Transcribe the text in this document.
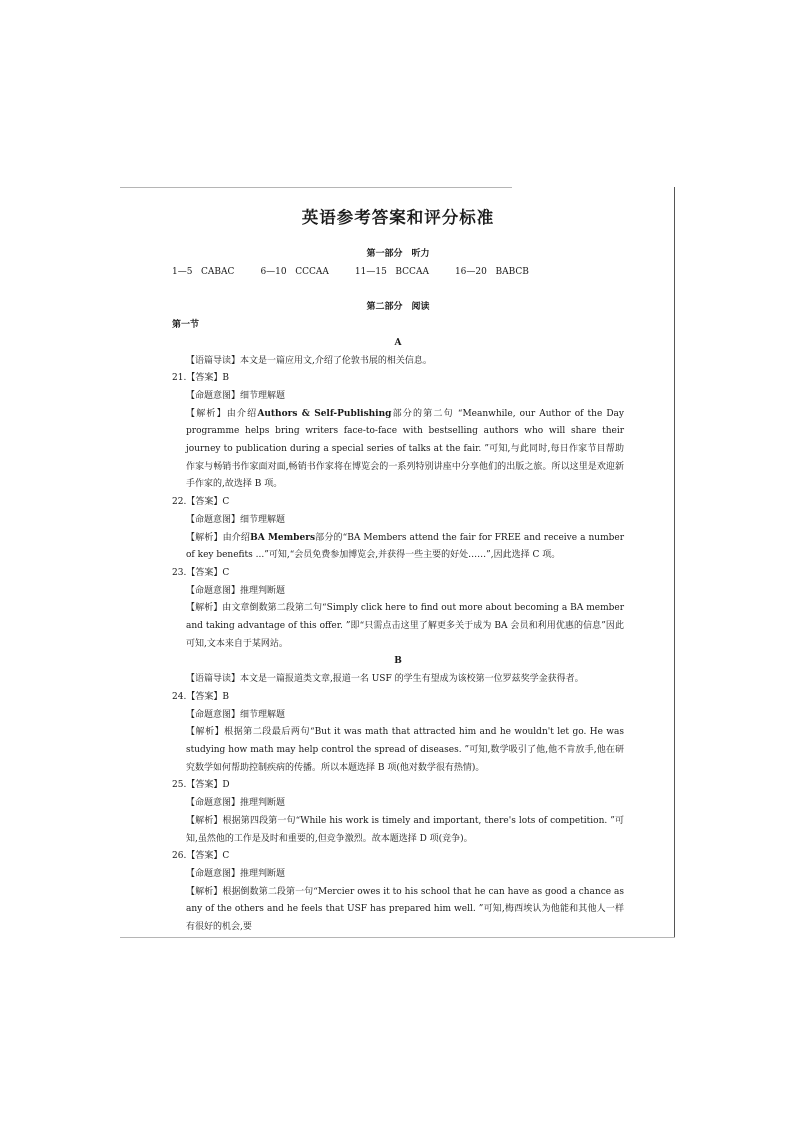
英语参考答案和评分标准
第一部分　听力
1—5 CABAC	6—10 CCCAA	11—15 BCCAA	16—20 BABCB
第二部分　阅读
第一节
A
【语篇导读】本文是一篇应用文,介绍了伦敦书展的相关信息。
21.【答案】B
【命题意图】细节理解题
【解析】由介绍Authors & Self-Publishing部分的第二句 “Meanwhile, our Author of the Day programme helps bring writers face-to-face with bestselling authors who will share their journey to publication during a special series of talks at the fair. ”可知,与此同时,每日作家节目帮助作家与畅销书作家面对面,畅销书作家将在博览会的一系列特别讲座中分享他们的出版之旅。所以这里是欢迎新手作家的,故选择 B 项。
22.【答案】C
【命题意图】细节理解题
【解析】由介绍BA Members部分的“BA Members attend the fair for FREE and receive a number of key benefits ...”可知,“会员免费参加博览会,并获得一些主要的好处……”,因此选择 C 项。
23.【答案】C
【命题意图】推理判断题
【解析】由文章倒数第二段第二句“Simply click here to find out more about becoming a BA member and taking advantage of this offer. ”即“只需点击这里了解更多关于成为 BA 会员和利用优惠的信息”因此可知,文本来自于某网站。
B
【语篇导读】本文是一篇报道类文章,报道一名 USF 的学生有望成为该校第一位罗兹奖学金获得者。
24.【答案】B
【命题意图】细节理解题
【解析】根据第二段最后两句“But it was math that attracted him and he wouldn't let go. He was studying how math may help control the spread of diseases. ”可知,数学吸引了他,他不肯放手,他在研究数学如何帮助控制疾病的传播。所以本题选择 B 项(他对数学很有热情)。
25.【答案】D
【命题意图】推理判断题
【解析】根据第四段第一句“While his work is timely and important, there's lots of competition. ”可知,虽然他的工作是及时和重要的,但竞争激烈。故本题选择 D 项(竞争)。
26.【答案】C
【命题意图】推理判断题
【解析】根据倒数第二段第一句“Mercier owes it to his school that he can have as good a chance as any of the others and he feels that USF has prepared him well. ”可知,梅西埃认为他能和其他人一样有很好的机会,要
